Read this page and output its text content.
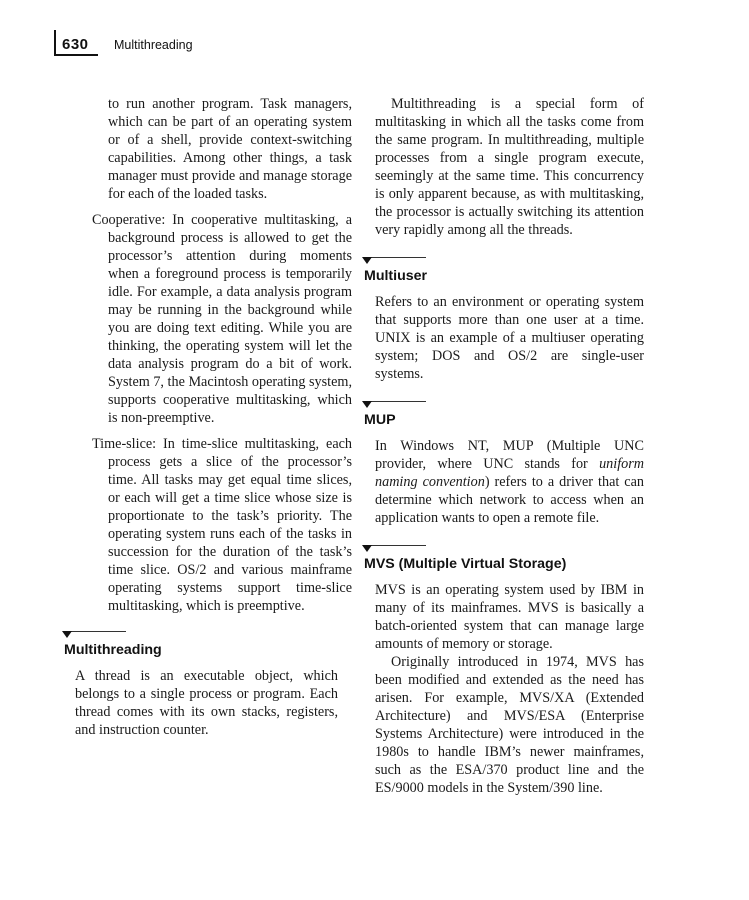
630 Multithreading

to run another program. Task managers, which can be part of an operating system or of a shell, provide context-switching capabilities. Among other things, a task manager must provide and manage storage for each of the loaded tasks.

Cooperative: In cooperative multitasking, a background process is allowed to get the processor’s attention during moments when a foreground process is temporarily idle. For example, a data analysis program may be running in the background while you are doing text editing. While you are thinking, the operating system will let the data analysis program do a bit of work. System 7, the Macintosh operating system, supports cooperative multitasking, which is non-preemptive.

Time-slice: In time-slice multitasking, each process gets a slice of the processor’s time. All tasks may get equal time slices, or each will get a time slice whose size is proportionate to the task’s priority. The operating system runs each of the tasks in succession for the duration of the task’s time slice. OS/2 and various mainframe operating systems support time-slice multitasking, which is preemptive.

Multithreading

A thread is an executable object, which belongs to a single process or program. Each thread comes with its own stacks, registers, and instruction counter.

Multithreading is a special form of multitasking in which all the tasks come from the same program. In multithreading, multiple processes from a single program execute, seemingly at the same time. This concurrency is only apparent because, as with multitasking, the processor is actually switching its attention very rapidly among all the threads.

Multiuser

Refers to an environment or operating system that supports more than one user at a time. UNIX is an example of a multiuser operating system; DOS and OS/2 are single-user systems.

MUP

In Windows NT, MUP (Multiple UNC provider, where UNC stands for uniform naming convention) refers to a driver that can determine which network to access when an application wants to open a remote file.

MVS (Multiple Virtual Storage)

MVS is an operating system used by IBM in many of its mainframes. MVS is basically a batch-oriented system that can manage large amounts of memory or storage.

Originally introduced in 1974, MVS has been modified and extended as the need has arisen. For example, MVS/XA (Extended Architecture) and MVS/ESA (Enterprise Systems Architecture) were introduced in the 1980s to handle IBM’s newer mainframes, such as the ESA/370 product line and the ES/9000 models in the System/390 line.
